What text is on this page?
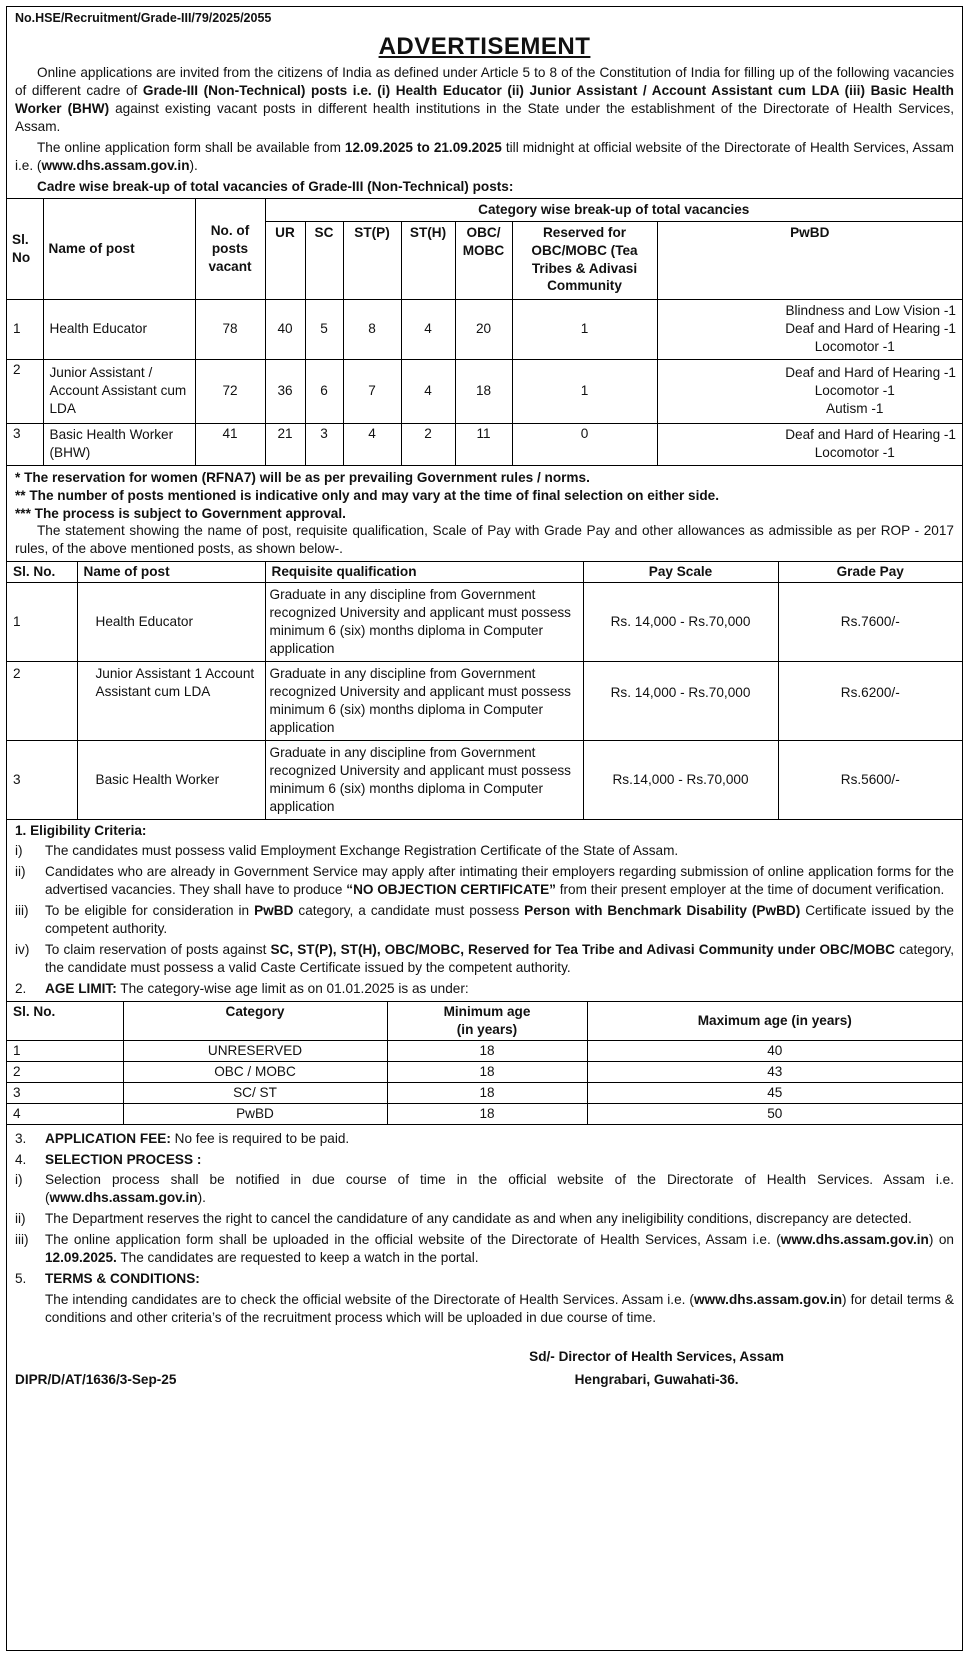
No.HSE/Recruitment/Grade-III/79/2025/2055
ADVERTISEMENT

Online applications are invited from the citizens of India as defined under Article 5 to 8 of the Constitution of India for filling up of the following vacancies of different cadre of Grade-III (Non-Technical) posts i.e. (i) Health Educator (ii) Junior Assistant / Account Assistant cum LDA (iii) Basic Health Worker (BHW) against existing vacant posts in different health institutions in the State under the establishment of the Directorate of Health Services, Assam.

The online application form shall be available from 12.09.2025 to 21.09.2025 till midnight at official website of the Directorate of Health Services, Assam i.e. (www.dhs.assam.gov.in).

Cadre wise break-up of total vacancies of Grade-III (Non-Technical) posts:
Sl. No	Name of post	No. of posts vacant	Category wise break-up of total vacancies						
			UR	SC	ST(P)	ST(H)	OBC/ MOBC	Reserved for OBC/MOBC (Tea Tribes & Adivasi Community	PwBD
1	Health Educator	78	40	5	8	4	20	1	Blindness and Low Vision -1
Deaf and Hard of Hearing -1
Locomotor -1

2	Junior Assistant / Account Assistant cum LDA	72	36	6	7	4	18	1	Deaf and Hard of Hearing -1
Locomotor -1
Autism -1

3	Basic Health Worker (BHW)	41	21	3	4	2	11	0	Deaf and Hard of Hearing -1
Locomotor -1

* The reservation for women (RFNA7) will be as per prevailing Government rules / norms.

** The number of posts mentioned is indicative only and may vary at the time of final selection on either side.

*** The process is subject to Government approval.

The statement showing the name of post, requisite qualification, Scale of Pay with Grade Pay and other allowances as admissible as per ROP - 2017 rules, of the above mentioned posts, as shown below-.

Sl. No.	Name of post	Requisite qualification	Pay Scale	Grade Pay
1	Health Educator	Graduate in any discipline from Government recognized University and applicant must possess minimum 6 (six) months diploma in Computer application	Rs. 14,000 - Rs.70,000	Rs.7600/-
2	Junior Assistant 1 Account Assistant cum LDA	Graduate in any discipline from Government recognized University and applicant must possess minimum 6 (six) months diploma in Computer application	Rs. 14,000 - Rs.70,000	Rs.6200/-
3	Basic Health Worker	Graduate in any discipline from Government recognized University and applicant must possess minimum 6 (six) months diploma in Computer application	Rs.14,000 - Rs.70,000	Rs.5600/-
1. Eligibility Criteria:
i)	The candidates must possess valid Employment Exchange Registration Certificate of the State of Assam.
ii)	Candidates who are already in Government Service may apply after intimating their employers regarding submission of online application forms for the advertised vacancies. They shall have to produce “NO OBJECTION CERTIFICATE” from their present employer at the time of document verification.
iii)	To be eligible for consideration in PwBD category, a candidate must possess Person with Benchmark Disability (PwBD) Certificate issued by the competent authority.
iv)	To claim reservation of posts against SC, ST(P), ST(H), OBC/MOBC, Reserved for Tea Tribe and Adivasi Community under OBC/MOBC category, the candidate must possess a valid Caste Certificate issued by the competent authority.
2.	AGE LIMIT: The category-wise age limit as on 01.01.2025 is as under:
Sl. No.	Category	Minimum age (in years)	Maximum age (in years)
1	UNRESERVED	18	40
2	OBC / MOBC	18	43
3	SC/ ST	18	45
4	PwBD	18	50
3.	APPLICATION FEE: No fee is required to be paid.
4.	SELECTION PROCESS :
i)	Selection process shall be notified in due course of time in the official website of the Directorate of Health Services. Assam i.e. (www.dhs.assam.gov.in).
ii)	The Department reserves the right to cancel the candidature of any candidate as and when any ineligibility conditions, discrepancy are detected.
iii)	The online application form shall be uploaded in the official website of the Directorate of Health Services, Assam i.e. (www.dhs.assam.gov.in) on 12.09.2025. The candidates are requested to keep a watch in the portal.
5.	TERMS & CONDITIONS:
The intending candidates are to check the official website of the Directorate of Health Services. Assam i.e. (www.dhs.assam.gov.in) for detail terms & conditions and other criteria’s of the recruitment process which will be uploaded in due course of time.
DIPR/D/AT/1636/3-Sep-25
Sd/- Director of Health Services, Assam
Hengrabari, Guwahati-36.
